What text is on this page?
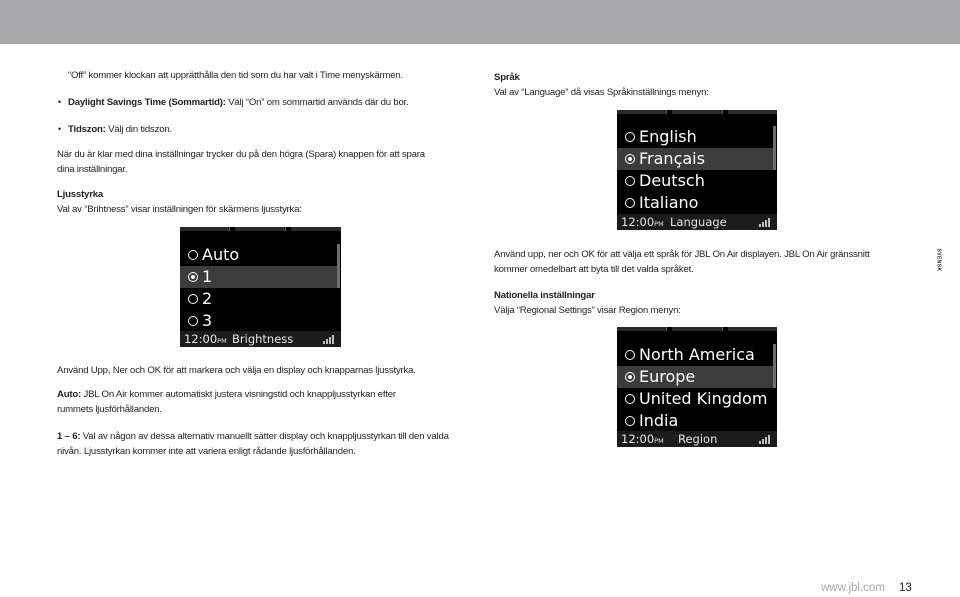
“Off” kommer klockan att upprätthålla den tid som du har valt i Time menyskärmen.
• Daylight Savings Time (Sommartid): Välj “On” om sommartid används där du bor.
• Tidszon: Välj din tidszon.
När du är klar med dina inställningar trycker du på den högra (Spara) knappen för att spara dina inställningar.
Ljusstyrka
Val av “Brihtness” visar inställningen för skärmens ljusstyrka:
Auto
1
2
3
12:00PM Brightness
Använd Upp, Ner och OK för att markera och välja en display och knapparnas ljusstyrka.
Auto: JBL On Air kommer automatiskt justera visningstid och knappljusstyrkan efter rummets ljusförhållanden.
1 – 6: Val av någon av dessa alternativ manuellt sätter display och knappljusstyrkan till den valda nivån. Ljusstyrkan kommer inte att variera enligt rådande ljusförhållanden.
Språk
Val av “Language” då visas Språkinställnings menyn:
English
Français
Deutsch
Italiano
12:00PM Language
Använd upp, ner och OK för att välja ett språk för JBL On Air displayen. JBL On Air gränssnitt kommer omedelbart att byta till det valda språket.
Nationella inställningar
Välja “Regional Settings” visar Region menyn:
North America
Europe
United Kingdom
India
12:00PM Region
SVENSK
www.jbl.com 13
